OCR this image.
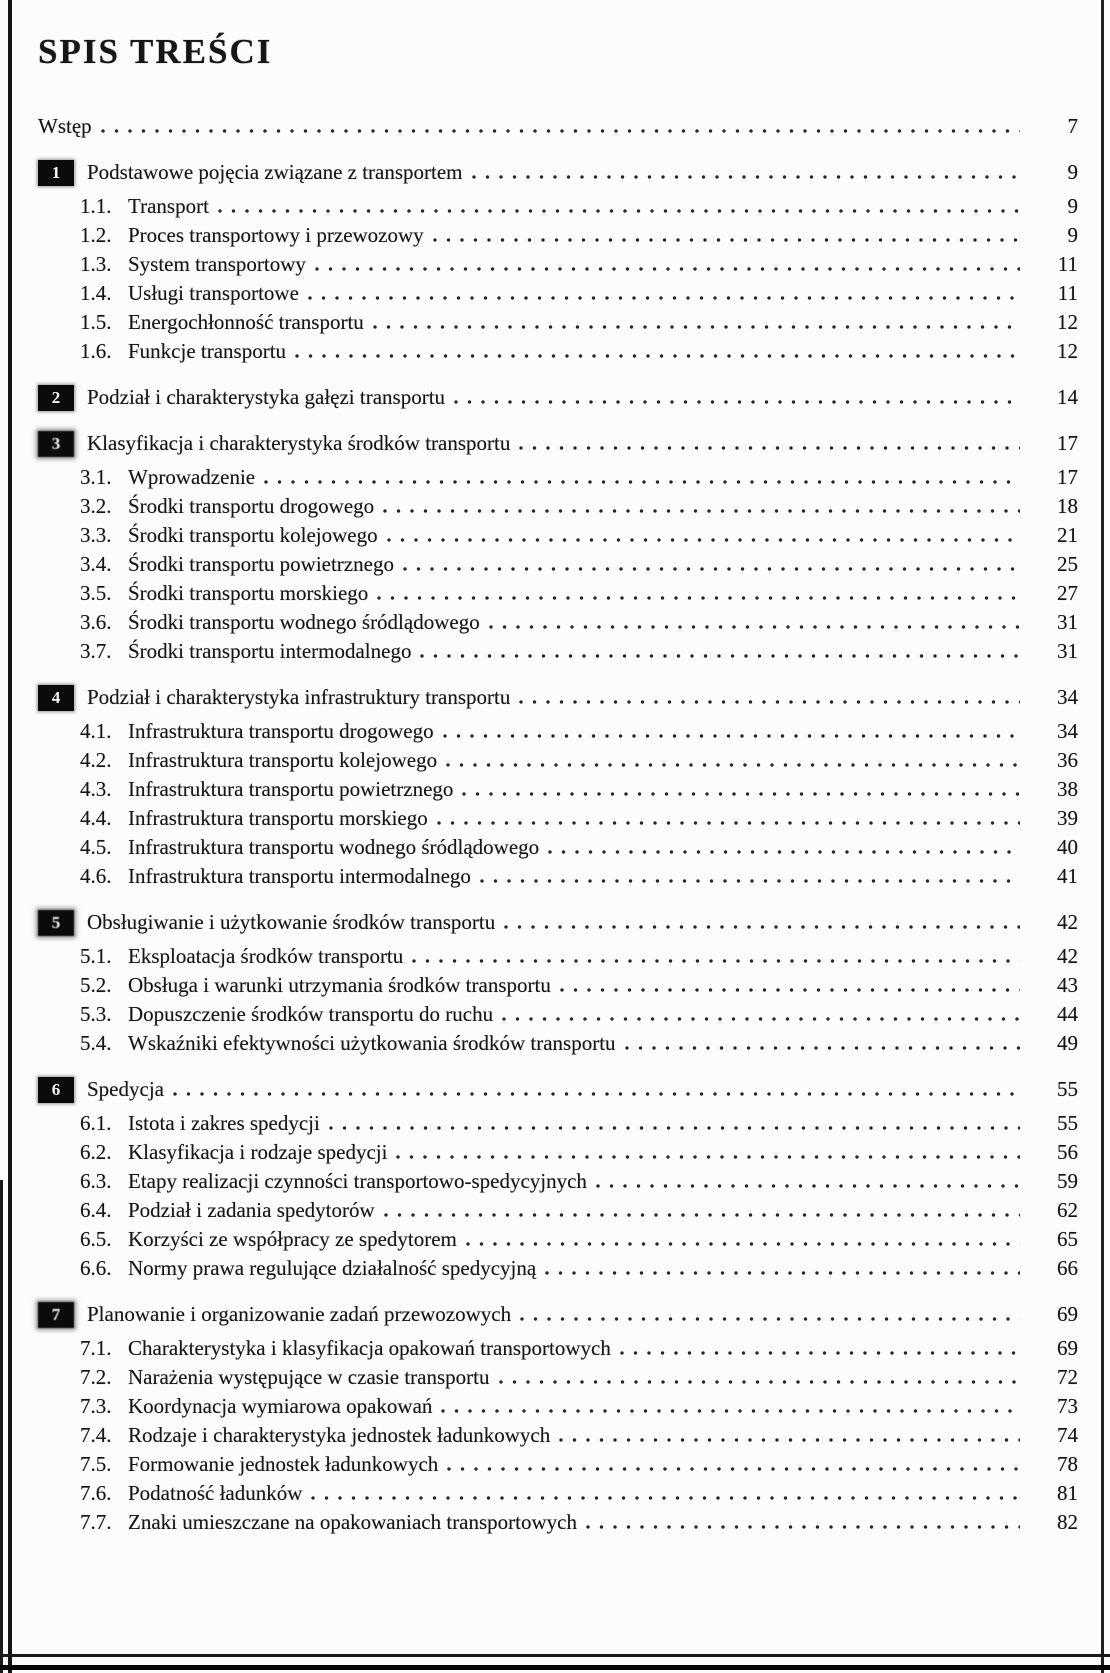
SPIS TREŚCI
Wstęp	7
1	Podstawowe pojęcia związane z transportem	9
1.1. Transport	9
1.2. Proces transportowy i przewozowy	9
1.3. System transportowy	11
1.4. Usługi transportowe	11
1.5. Energochłonność transportu	12
1.6. Funkcje transportu	12
2	Podział i charakterystyka gałęzi transportu	14
3	Klasyfikacja i charakterystyka środków transportu	17
3.1. Wprowadzenie	17
3.2. Środki transportu drogowego	18
3.3. Środki transportu kolejowego	21
3.4. Środki transportu powietrznego	25
3.5. Środki transportu morskiego	27
3.6. Środki transportu wodnego śródlądowego	31
3.7. Środki transportu intermodalnego	31
4	Podział i charakterystyka infrastruktury transportu	34
4.1. Infrastruktura transportu drogowego	34
4.2. Infrastruktura transportu kolejowego	36
4.3. Infrastruktura transportu powietrznego	38
4.4. Infrastruktura transportu morskiego	39
4.5. Infrastruktura transportu wodnego śródlądowego	40
4.6. Infrastruktura transportu intermodalnego	41
5	Obsługiwanie i użytkowanie środków transportu	42
5.1. Eksploatacja środków transportu	42
5.2. Obsługa i warunki utrzymania środków transportu	43
5.3. Dopuszczenie środków transportu do ruchu	44
5.4. Wskaźniki efektywności użytkowania środków transportu	49
6	Spedycja	55
6.1. Istota i zakres spedycji	55
6.2. Klasyfikacja i rodzaje spedycji	56
6.3. Etapy realizacji czynności transportowo-spedycyjnych	59
6.4. Podział i zadania spedytorów	62
6.5. Korzyści ze współpracy ze spedytorem	65
6.6. Normy prawa regulujące działalność spedycyjną	66
7	Planowanie i organizowanie zadań przewozowych	69
7.1. Charakterystyka i klasyfikacja opakowań transportowych	69
7.2. Narażenia występujące w czasie transportu	72
7.3. Koordynacja wymiarowa opakowań	73
7.4. Rodzaje i charakterystyka jednostek ładunkowych	74
7.5. Formowanie jednostek ładunkowych	78
7.6. Podatność ładunków	81
7.7. Znaki umieszczane na opakowaniach transportowych	82
